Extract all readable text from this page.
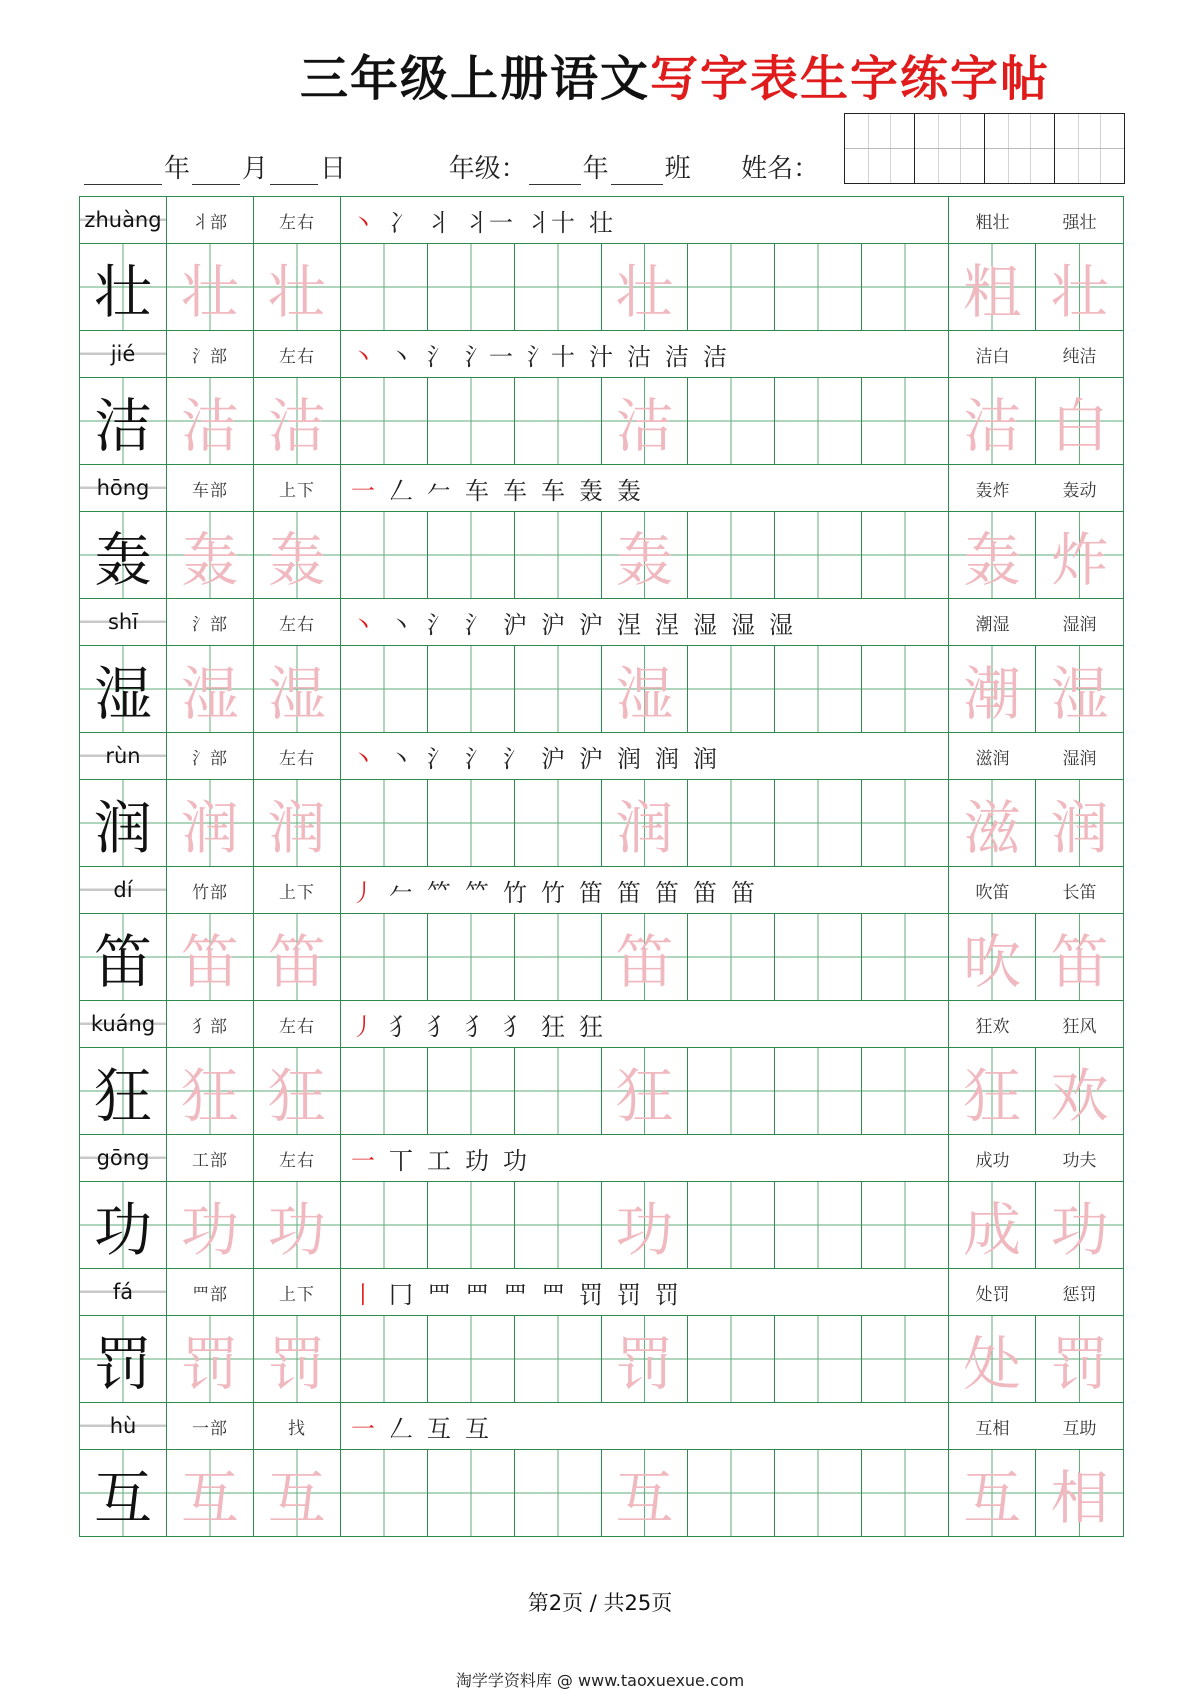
三年级上册语文写字表生字练字帖
年 月 日	年级： 年 班 姓名：
zhuàng	丬部	左右	丶 冫 丬 丬一 丬十 壮	粗壮	强壮
壮 壮 壮	壮	粗 壮
jié	氵部	左右	丶 丶 氵 氵一 氵十 汁 沽 洁 洁	洁白	纯洁
洁 洁 洁	洁	洁 白
hōng	车部	上下	一 𠃋 𠂉 车 车 车 轰 轰	轰炸	轰动
轰 轰 轰	轰	轰 炸
shī	氵部	左右	丶 丶 氵 氵 沪 沪 沪 涅 涅 湿 湿 湿	潮湿	湿润
湿 湿 湿	湿	潮 湿
rùn	氵部	左右	丶 丶 氵 氵 氵 沪 沪 润 润 润	滋润	湿润
润 润 润	润	滋 润
dí	竹部	上下	丿 𠂉 𥫗 𥫗 竹 竹 笛 笛 笛 笛 笛	吹笛	长笛
笛 笛 笛	笛	吹 笛
kuáng	犭部	左右	丿 犭 犭 犭 犭 狂 狂	狂欢	狂风
狂 狂 狂	狂	狂 欢
gōng	工部	左右	一 丅 工 玏 功	成功	功夫
功 功 功	功	成 功
fá	罒部	上下	丨 冂 罒 罒 罒 罒 罚 罚 罚	处罚	惩罚
罚 罚 罚	罚	处 罚
hù	一部	找	一 𠃋 互 互	互相	互助
互 互 互	互	互 相
第2页 / 共25页
淘学学资料库 @ www.taoxuexue.com
